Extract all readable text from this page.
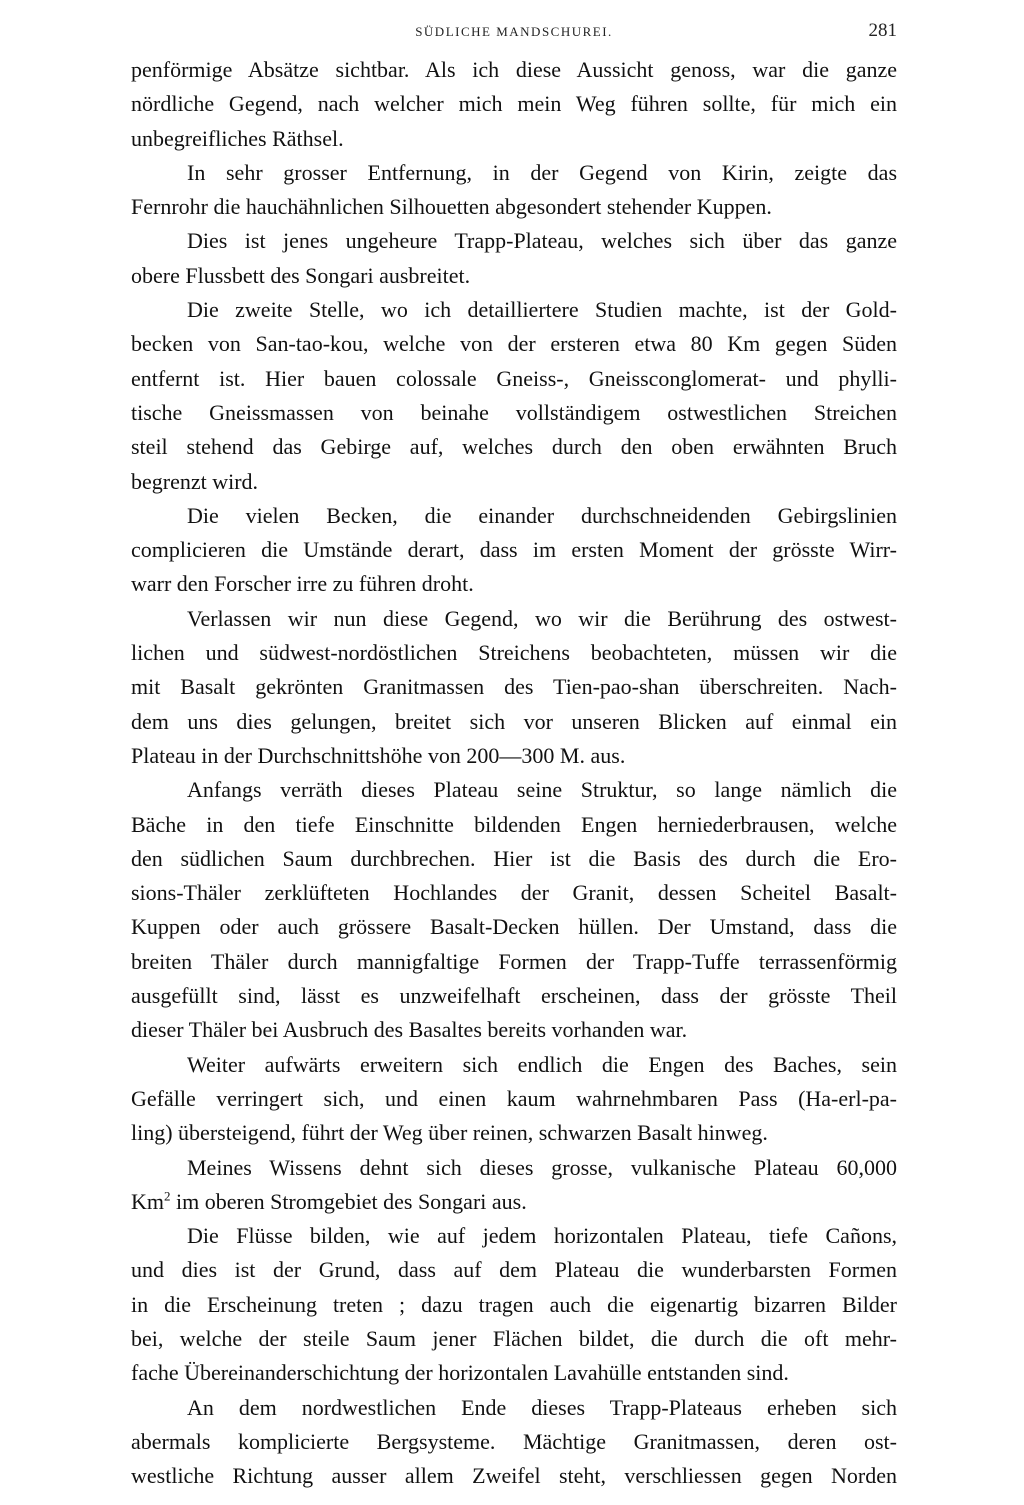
SÜDLICHE MANDSCHUREI.	281
penförmige Absätze sichtbar. Als ich diese Aussicht genoss, war die ganze
nördliche Gegend, nach welcher mich mein Weg führen sollte, für mich ein
unbegreifliches Räthsel.
In sehr grosser Entfernung, in der Gegend von Kirin, zeigte das
Fernrohr die hauchähnlichen Silhouetten abgesondert stehender Kuppen.
Dies ist jenes ungeheure Trapp-Plateau, welches sich über das ganze
obere Flussbett des Songari ausbreitet.
Die zweite Stelle, wo ich detailliertere Studien machte, ist der Gold-
becken von San-tao-kou, welche von der ersteren etwa 80 Km gegen Süden
entfernt ist. Hier bauen colossale Gneiss-, Gneissconglomerat- und phylli-
tische Gneissmassen von beinahe vollständigem ostwestlichen Streichen
steil stehend das Gebirge auf, welches durch den oben erwähnten Bruch
begrenzt wird.
Die vielen Becken, die einander durchschneidenden Gebirgslinien
complicieren die Umstände derart, dass im ersten Moment der grösste Wirr-
warr den Forscher irre zu führen droht.
Verlassen wir nun diese Gegend, wo wir die Berührung des ostwest-
lichen und südwest-nordöstlichen Streichens beobachteten, müssen wir die
mit Basalt gekrönten Granitmassen des Tien-pao-shan überschreiten. Nach-
dem uns dies gelungen, breitet sich vor unseren Blicken auf einmal ein
Plateau in der Durchschnittshöhe von 200—300 M. aus.
Anfangs verräth dieses Plateau seine Struktur, so lange nämlich die
Bäche in den tiefe Einschnitte bildenden Engen herniederbrausen, welche
den südlichen Saum durchbrechen. Hier ist die Basis des durch die Ero-
sions-Thäler zerklüfteten Hochlandes der Granit, dessen Scheitel Basalt-
Kuppen oder auch grössere Basalt-Decken hüllen. Der Umstand, dass die
breiten Thäler durch mannigfaltige Formen der Trapp-Tuffe terrassenförmig
ausgefüllt sind, lässt es unzweifelhaft erscheinen, dass der grösste Theil
dieser Thäler bei Ausbruch des Basaltes bereits vorhanden war.
Weiter aufwärts erweitern sich endlich die Engen des Baches, sein
Gefälle verringert sich, und einen kaum wahrnehmbaren Pass (Ha-erl-pa-
ling) übersteigend, führt der Weg über reinen, schwarzen Basalt hinweg.
Meines Wissens dehnt sich dieses grosse, vulkanische Plateau 60,000
Km$^2$ im oberen Stromgebiet des Songari aus.
Die Flüsse bilden, wie auf jedem horizontalen Plateau, tiefe Cañons,
und dies ist der Grund, dass auf dem Plateau die wunderbarsten Formen
in die Erscheinung treten ; dazu tragen auch die eigenartig bizarren Bilder
bei, welche der steile Saum jener Flächen bildet, die durch die oft mehr-
fache Übereinanderschichtung der horizontalen Lavahülle entstanden sind.
An dem nordwestlichen Ende dieses Trapp-Plateaus erheben sich
abermals komplicierte Bergsysteme. Mächtige Granitmassen, deren ost-
westliche Richtung ausser allem Zweifel steht, verschliessen gegen Norden
